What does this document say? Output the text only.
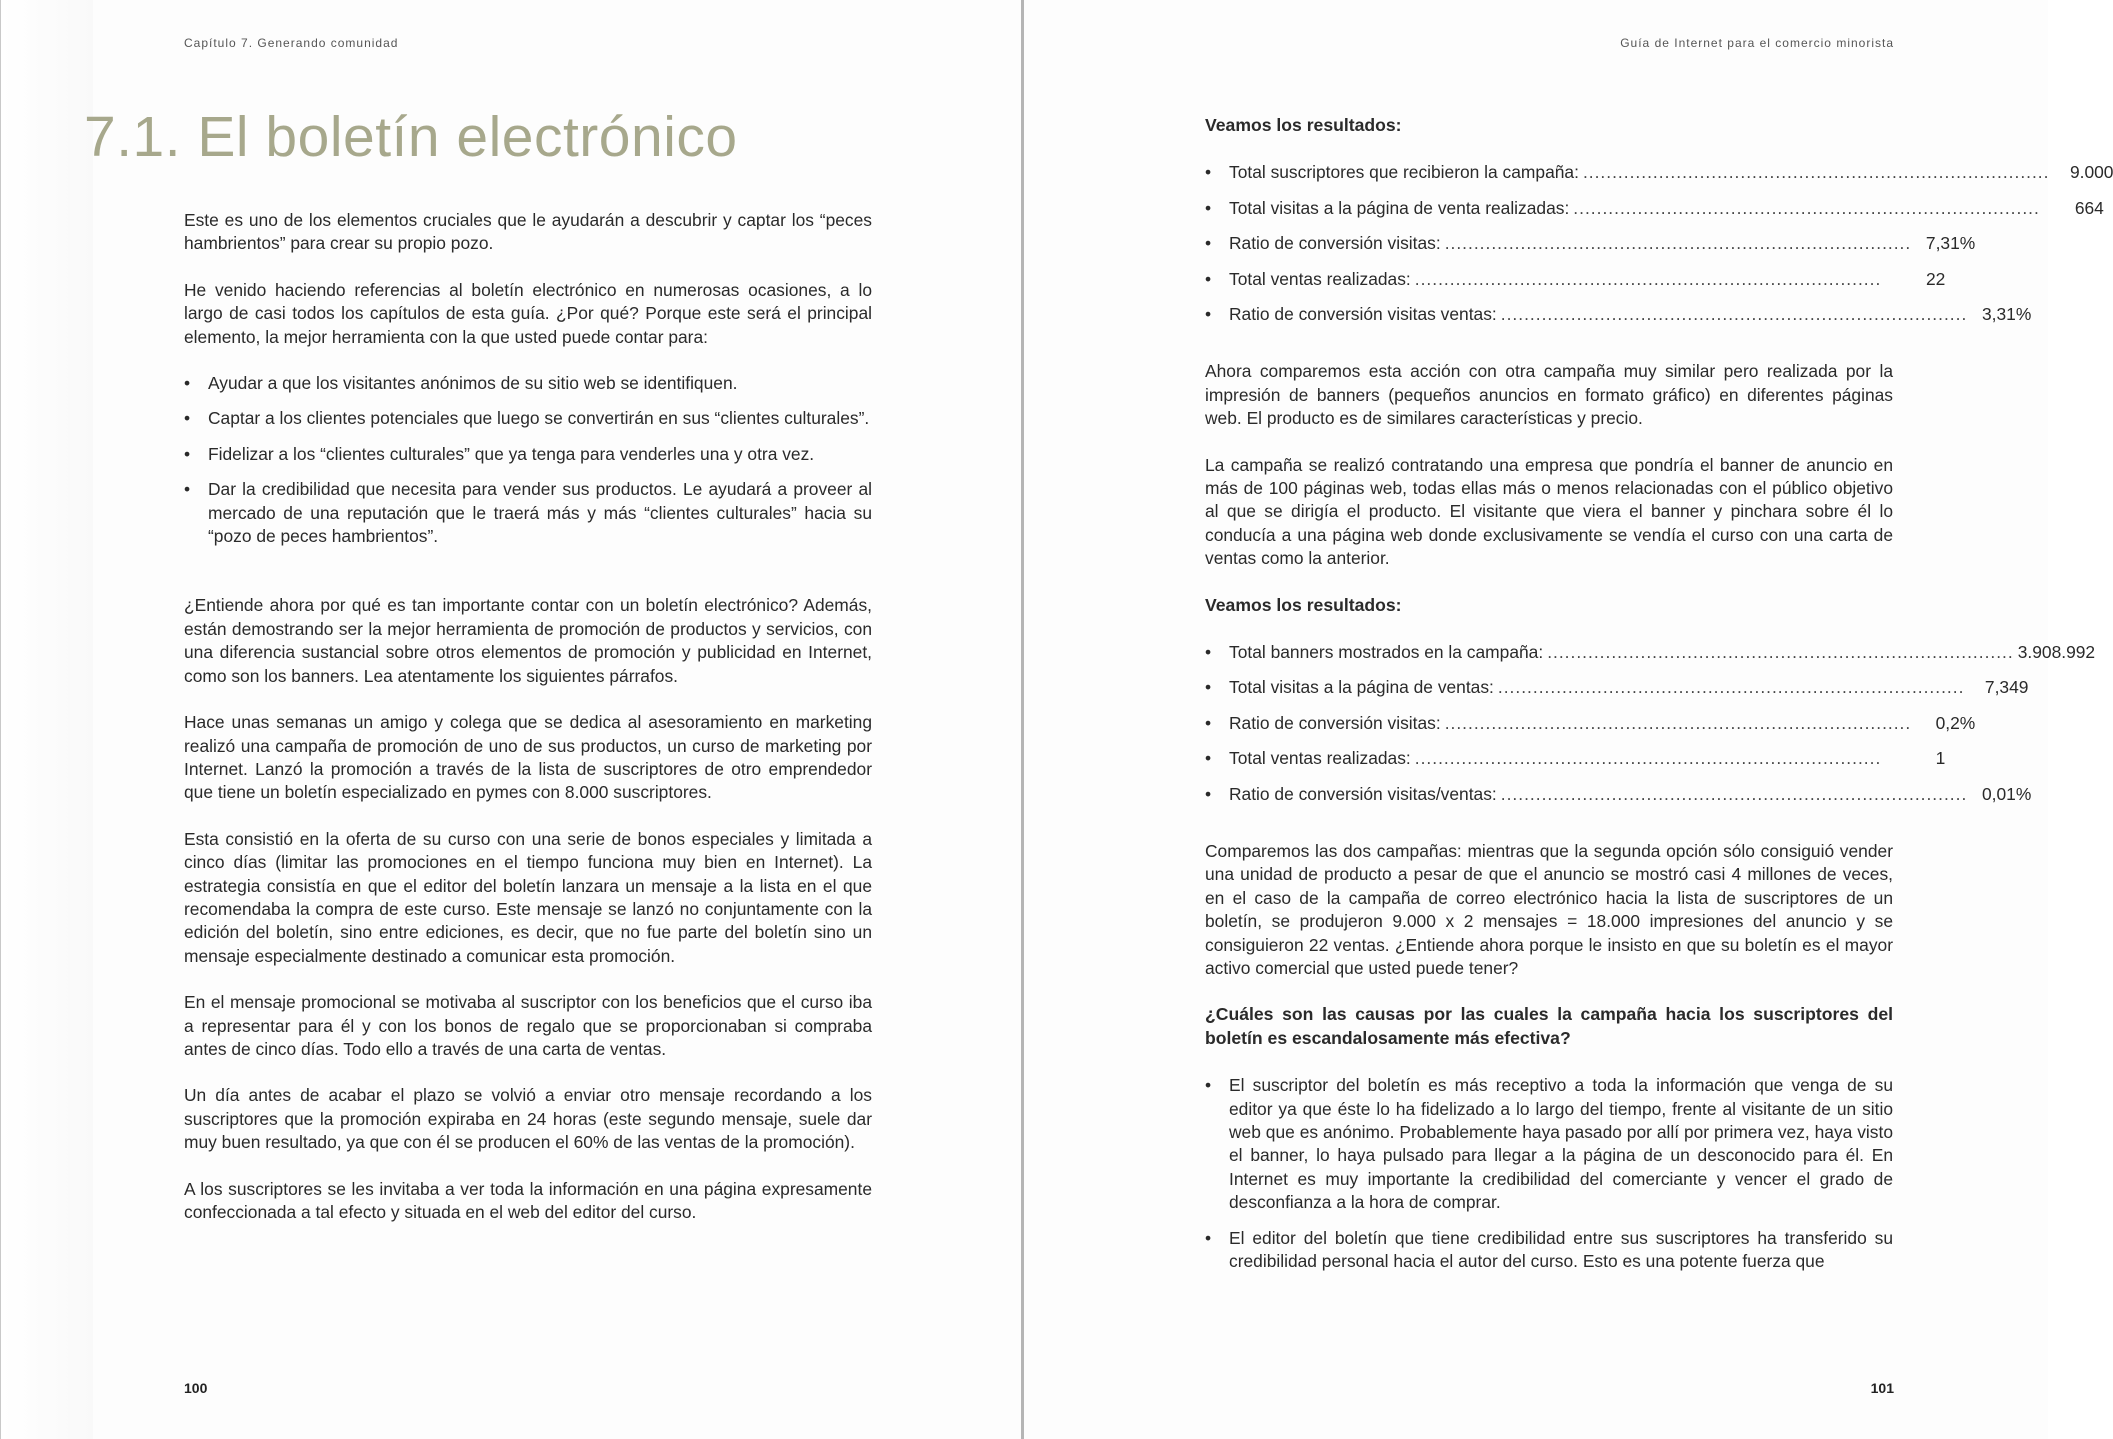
Capítulo 7. Generando comunidad
7.1. El boletín electrónico

Este es uno de los elementos cruciales que le ayudarán a descubrir y captar los “peces hambrientos” para crear su propio pozo.

He venido haciendo referencias al boletín electrónico en numerosas ocasiones, a lo largo de casi todos los capítulos de esta guía. ¿Por qué? Porque este será el principal elemento, la mejor herramienta con la que usted puede contar para:

• Ayudar a que los visitantes anónimos de su sitio web se identifiquen.
• Captar a los clientes potenciales que luego se convertirán en sus “clientes culturales”.
• Fidelizar a los “clientes culturales” que ya tenga para venderles una y otra vez.
• Dar la credibilidad que necesita para vender sus productos. Le ayudará a proveer al mercado de una reputación que le traerá más y más “clientes culturales” hacia su “pozo de peces hambrientos”.

¿Entiende ahora por qué es tan importante contar con un boletín electrónico? Además, están demostrando ser la mejor herramienta de promoción de productos y servicios, con una diferencia sustancial sobre otros elementos de promoción y publicidad en Internet, como son los banners. Lea atentamente los siguientes párrafos.

Hace unas semanas un amigo y colega que se dedica al asesoramiento en marketing realizó una campaña de promoción de uno de sus productos, un curso de marketing por Internet. Lanzó la promoción a través de la lista de suscriptores de otro emprendedor que tiene un boletín especializado en pymes con 8.000 suscriptores.

Esta consistió en la oferta de su curso con una serie de bonos especiales y limitada a cinco días (limitar las promociones en el tiempo funciona muy bien en Internet). La estrategia consistía en que el editor del boletín lanzara un mensaje a la lista en el que recomendaba la compra de este curso. Este mensaje se lanzó no conjuntamente con la edición del boletín, sino entre ediciones, es decir, que no fue parte del boletín sino un mensaje especialmente destinado a comunicar esta promoción.

En el mensaje promocional se motivaba al suscriptor con los beneficios que el curso iba a representar para él y con los bonos de regalo que se proporcionaban si compraba antes de cinco días. Todo ello a través de una carta de ventas.

Un día antes de acabar el plazo se volvió a enviar otro mensaje recordando a los suscriptores que la promoción expiraba en 24 horas (este segundo mensaje, suele dar muy buen resultado, ya que con él se producen el 60% de las ventas de la promoción).

A los suscriptores se les invitaba a ver toda la información en una página expresamente confeccionada a tal efecto y situada en el web del editor del curso.

100
Guía de Internet para el comercio minorista
Veamos los resultados:
• Total suscriptores que recibieron la campaña: ................................................................................	9.000
• Total visitas a la página de venta realizadas: ................................................................................	664
• Ratio de conversión visitas: ................................................................................ 7,31%
• Total ventas realizadas: ................................................................................	22
• Ratio de conversión visitas ventas: ................................................................................ 3,31%

Ahora comparemos esta acción con otra campaña muy similar pero realizada por la impresión de banners (pequeños anuncios en formato gráfico) en diferentes páginas web. El producto es de similares características y precio.

La campaña se realizó contratando una empresa que pondría el banner de anuncio en más de 100 páginas web, todas ellas más o menos relacionadas con el público objetivo al que se dirigía el producto. El visitante que viera el banner y pinchara sobre él lo conducía a una página web donde exclusivamente se vendía el curso con una carta de ventas como la anterior.

Veamos los resultados:
• Total banners mostrados en la campaña: ................................................................................ 3.908.992
• Total visitas a la página de ventas: ................................................................................	7,349
• Ratio de conversión visitas: ................................................................................	0,2%
• Total ventas realizadas: ................................................................................	1
• Ratio de conversión visitas/ventas: ................................................................................ 0,01%

Comparemos las dos campañas: mientras que la segunda opción sólo consiguió vender una unidad de producto a pesar de que el anuncio se mostró casi 4 millones de veces, en el caso de la campaña de correo electrónico hacia la lista de suscriptores de un boletín, se produjeron 9.000 x 2 mensajes = 18.000 impresiones del anuncio y se consiguieron 22 ventas. ¿Entiende ahora porque le insisto en que su boletín es el mayor activo comercial que usted puede tener?

¿Cuáles son las causas por las cuales la campaña hacia los suscriptores del boletín es escandalosamente más efectiva?
• El suscriptor del boletín es más receptivo a toda la información que venga de su editor ya que éste lo ha fidelizado a lo largo del tiempo, frente al visitante de un sitio web que es anónimo. Probablemente haya pasado por allí por primera vez, haya visto el banner, lo haya pulsado para llegar a la página de un desconocido para él. En Internet es muy importante la credibilidad del comerciante y vencer el grado de desconfianza a la hora de comprar.
• El editor del boletín que tiene credibilidad entre sus suscriptores ha transferido su credibilidad personal hacia el autor del curso. Esto es una potente fuerza que
101
